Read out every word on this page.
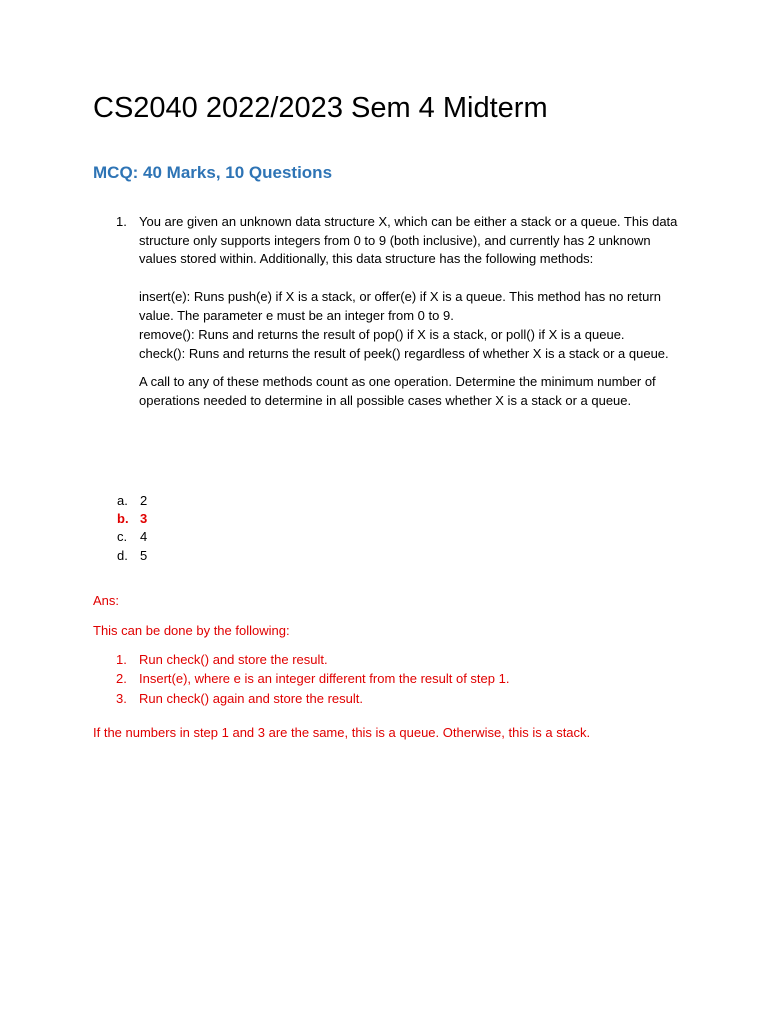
CS2040 2022/2023 Sem 4 Midterm
MCQ: 40 Marks, 10 Questions
1. You are given an unknown data structure X, which can be either a stack or a queue. This data structure only supports integers from 0 to 9 (both inclusive), and currently has 2 unknown values stored within. Additionally, this data structure has the following methods:

insert(e): Runs push(e) if X is a stack, or offer(e) if X is a queue. This method has no return value. The parameter e must be an integer from 0 to 9.

remove(): Runs and returns the result of pop() if X is a stack, or poll() if X is a queue.

check(): Runs and returns the result of peek() regardless of whether X is a stack or a queue.

A call to any of these methods count as one operation. Determine the minimum number of operations needed to determine in all possible cases whether X is a stack or a queue.

a. 2
b. 3
c. 4
d. 5
Ans:
This can be done by the following:
1. Run check() and store the result.
2. Insert(e), where e is an integer different from the result of step 1.
3. Run check() again and store the result.
If the numbers in step 1 and 3 are the same, this is a queue. Otherwise, this is a stack.
